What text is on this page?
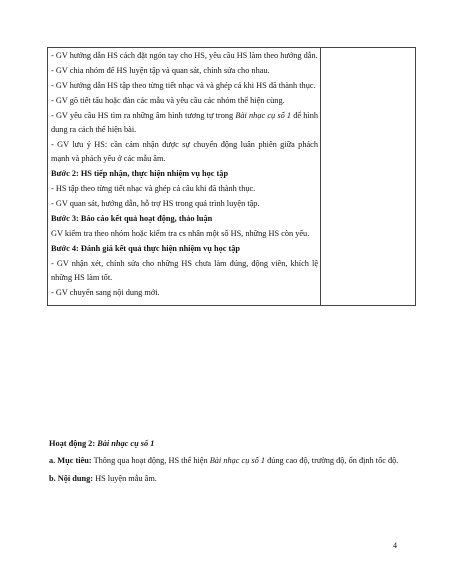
- GV hướng dẫn HS cách đặt ngón tay cho HS, yêu cầu HS làm theo hướng dẫn.
- GV chia nhóm để HS luyện tập và quan sát, chỉnh sửa cho nhau.
- GV hướng dẫn HS tập theo từng tiết nhạc và và ghép cả khi HS đã thành thục.
- GV gõ tiết tấu hoặc đàn các mẫu và yêu cầu các nhóm thể hiện cùng.
- GV yêu cầu HS tìm ra những âm hình tương tự trong Bài nhạc cụ số 1 để hình dung ra cách thể hiện bài.
- GV lưu ý HS: cần cảm nhận được sự chuyển động luân phiên giữa phách mạnh và phách yếu ở các mẫu âm.
Bước 2: HS tiếp nhận, thực hiện nhiệm vụ học tập
- HS tập theo từng tiết nhạc và ghép cả câu khi đã thành thục.
- GV quan sát, hướng dẫn, hỗ trợ HS trong quá trình luyện tập.
Bước 3: Báo cáo kết quả hoạt động, thảo luận
GV kiểm tra theo nhóm hoặc kiểm tra cs nhân một số HS, những HS còn yếu.
Bước 4: Đánh giá kết quả thực hiện nhiệm vụ học tập
- GV nhận xét, chỉnh sửa cho những HS chưa làm đúng, động viên, khích lệ những HS làm tốt.
- GV chuyển sang nội dung mới.

Hoạt động 2: Bài nhạc cụ số 1
a. Mục tiêu: Thông qua hoạt động, HS thể hiện Bài nhạc cụ số 1 đúng cao độ, trường độ, ổn định tốc độ.
b. Nội dung: HS luyện mẫu âm.
4
